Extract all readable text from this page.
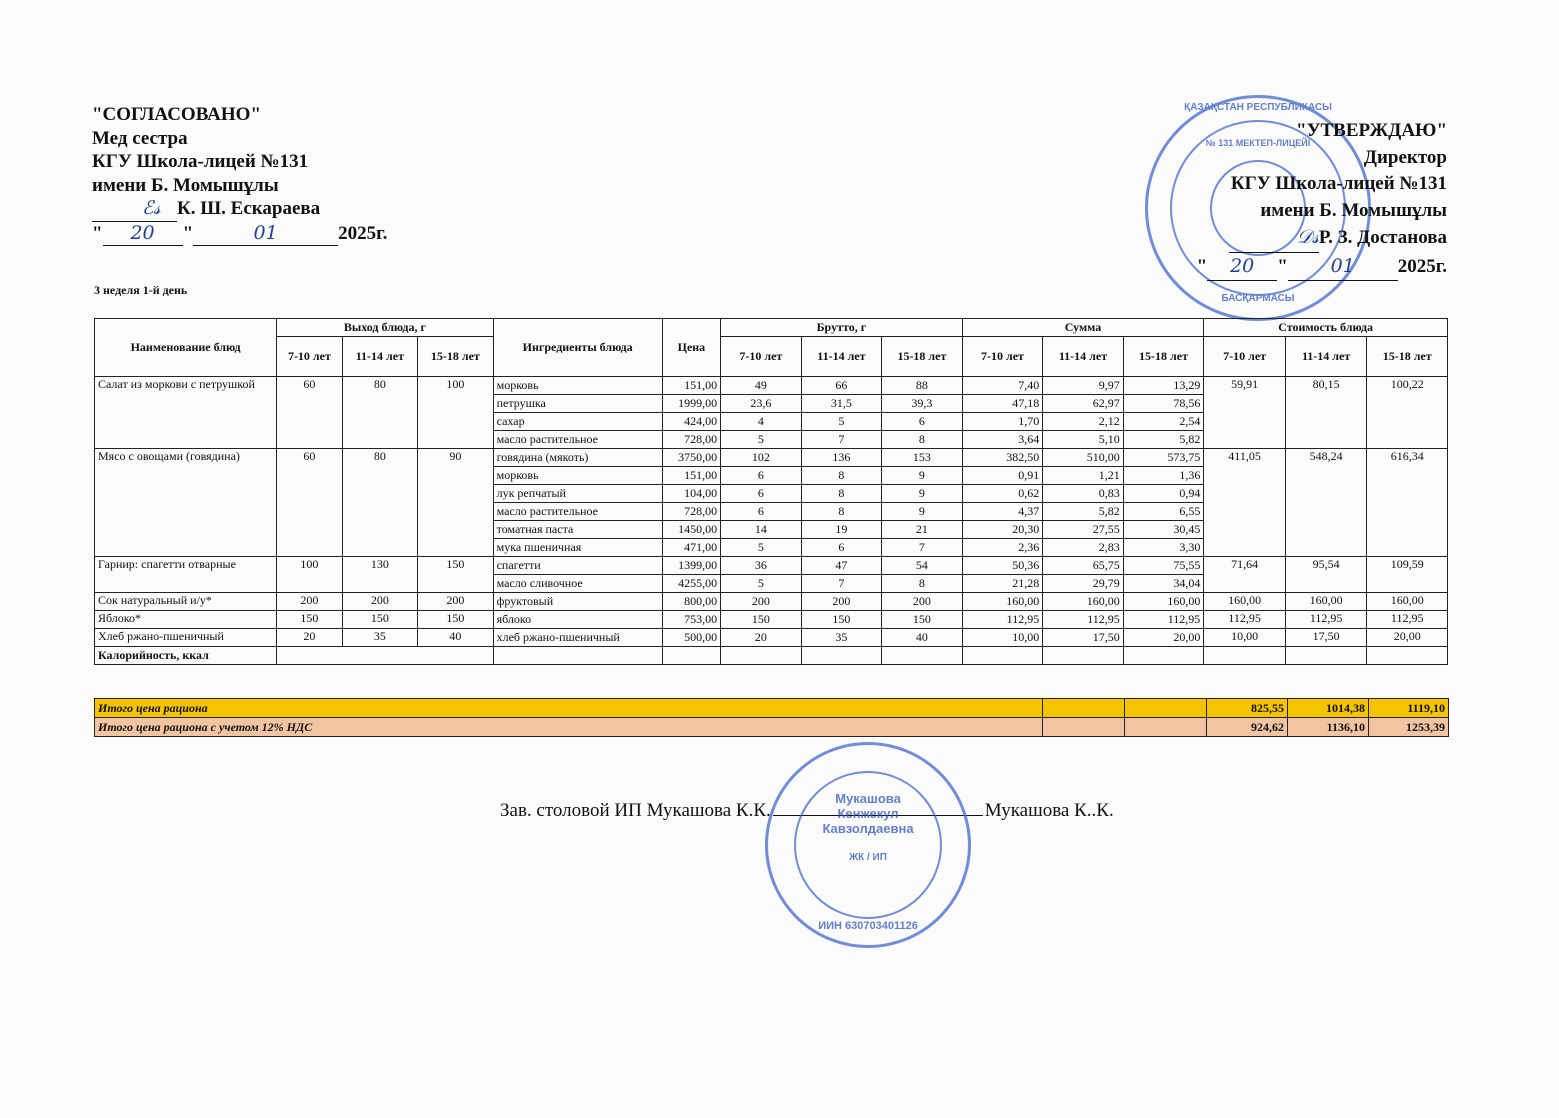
"СОГЛАСОВАНО"
Мед сестра
КГУ Школа-лицей №131
имени Б. Момышұлы
ℰ𝓈 К. Ш. Ескараева
" 20 "	01	2025г.
ҚАЗАҚСТАН РЕСПУБЛИКАСЫ
№ 131 МЕКТЕП-ЛИЦЕЙІ
БАСҚАРМАСЫ
"УТВЕРЖДАЮ"
Директор
КГУ Школа-лицей №131
имени Б. Момышұлы
𝒟𝓈Р. З. Достанова
" 20 " 01 2025г.
3 неделя 1-й день
Наименование блюд	Выход блюда, г			Ингредиенты блюда	Цена	Брутто, г			Сумма			Стоимость блюда		
	7-10 лет	11-14 лет	15-18 лет			7-10 лет	11-14 лет	15-18 лет	7-10 лет	11-14 лет	15-18 лет	7-10 лет	11-14 лет	15-18 лет
Салат из моркови с петрушкой	60	80	100	морковь	151,00	49	66	88	7,40	9,97	13,29	59,91	80,15	100,22
				петрушка	1999,00	23,6	31,5	39,3	47,18	62,97	78,56			
				сахар	424,00	4	5	6	1,70	2,12	2,54			
				масло растительное	728,00	5	7	8	3,64	5,10	5,82			
Мясо с овощами (говядина)	60	80	90	говядина (мякоть)	3750,00	102	136	153	382,50	510,00	573,75	411,05	548,24	616,34
				морковь	151,00	6	8	9	0,91	1,21	1,36			
				лук репчатый	104,00	6	8	9	0,62	0,83	0,94			
				масло растительное	728,00	6	8	9	4,37	5,82	6,55			
				томатная паста	1450,00	14	19	21	20,30	27,55	30,45			
				мука пшеничная	471,00	5	6	7	2,36	2,83	3,30			
Гарнир: спагетти отварные	100	130	150	спагетти	1399,00	36	47	54	50,36	65,75	75,55	71,64	95,54	109,59
				масло сливочное	4255,00	5	7	8	21,28	29,79	34,04			
Сок натуральный и/у*	200	200	200	фруктовый	800,00	200	200	200	160,00	160,00	160,00	160,00	160,00	160,00
Яблоко*	150	150	150	яблоко	753,00	150	150	150	112,95	112,95	112,95	112,95	112,95	112,95
Хлеб ржано-пшеничный	20	35	40	хлеб ржано-пшеничный	500,00	20	35	40	10,00	17,50	20,00	10,00	17,50	20,00
Калорийность, ккал														
Итого цена рациона			825,55	1014,38	1119,10
Итого цена рациона с учетом 12% НДС			924,62	1136,10	1253,39
Зав. столовой ИП Мукашова К.К.	Мукашова К..К.
Мукашова
Кенжекул
Кавзолдаевна
ЖК / ИП
ИИН 630703401126
